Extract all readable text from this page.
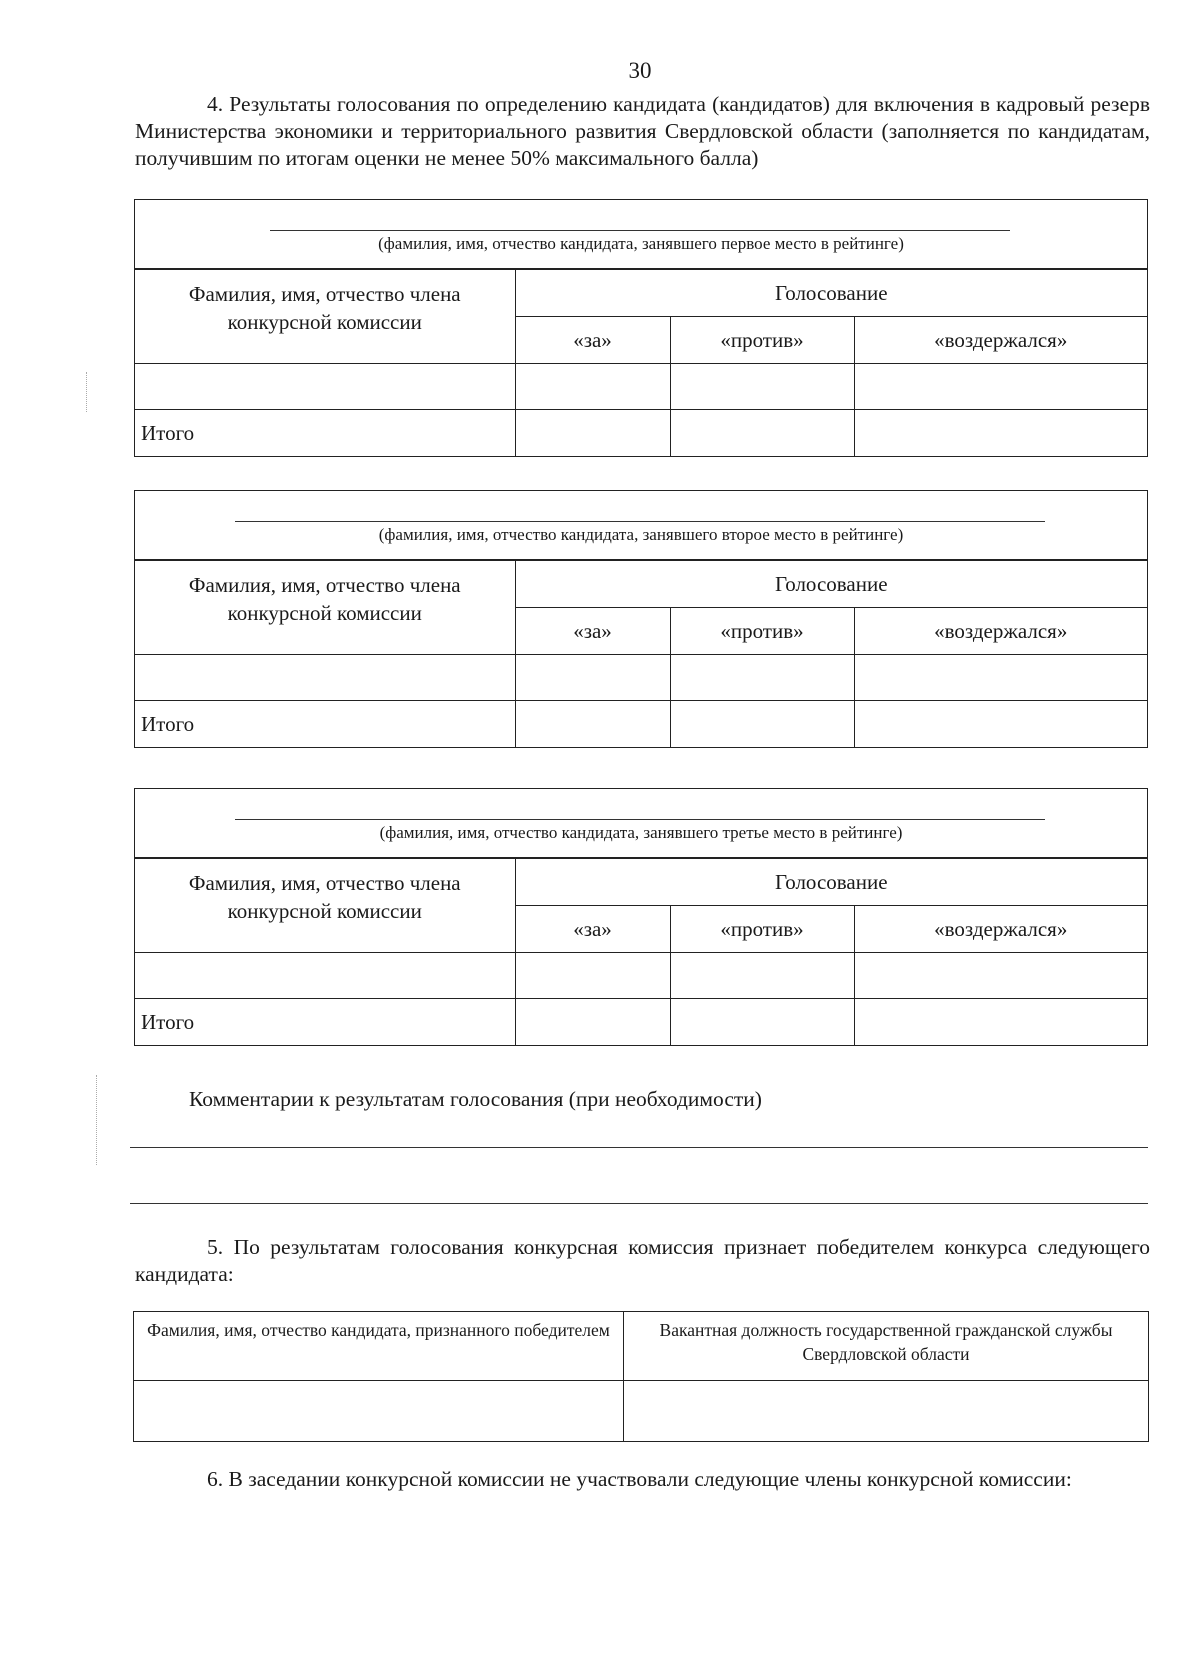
30
4. Результаты голосования по определению кандидата (кандидатов) для включения в кадровый резерв Министерства экономики и территориального развития Свердловской области (заполняется по кандидатам, получившим по итогам оценки не менее 50% максимального балла)
(фамилия, имя, отчество кандидата, занявшего первое место в рейтинге)
Фамилия, имя, отчество члена конкурсной комиссии	Голосование		
	«за»	«против»	«воздержался»

Итого			
(фамилия, имя, отчество кандидата, занявшего второе место в рейтинге)
Фамилия, имя, отчество члена конкурсной комиссии	Голосование		
	«за»	«против»	«воздержался»

Итого			
(фамилия, имя, отчество кандидата, занявшего третье место в рейтинге)
Фамилия, имя, отчество члена конкурсной комиссии	Голосование		
	«за»	«против»	«воздержался»

Итого			
Комментарии к результатам голосования (при необходимости)
5. По результатам голосования конкурсная комиссия признает победителем конкурса следующего кандидата:
Фамилия, имя, отчество кандидата, признанного победителем	Вакантная должность государственной гражданской службы Свердловской области

6. В заседании конкурсной комиссии не участвовали следующие члены конкурсной комиссии:
